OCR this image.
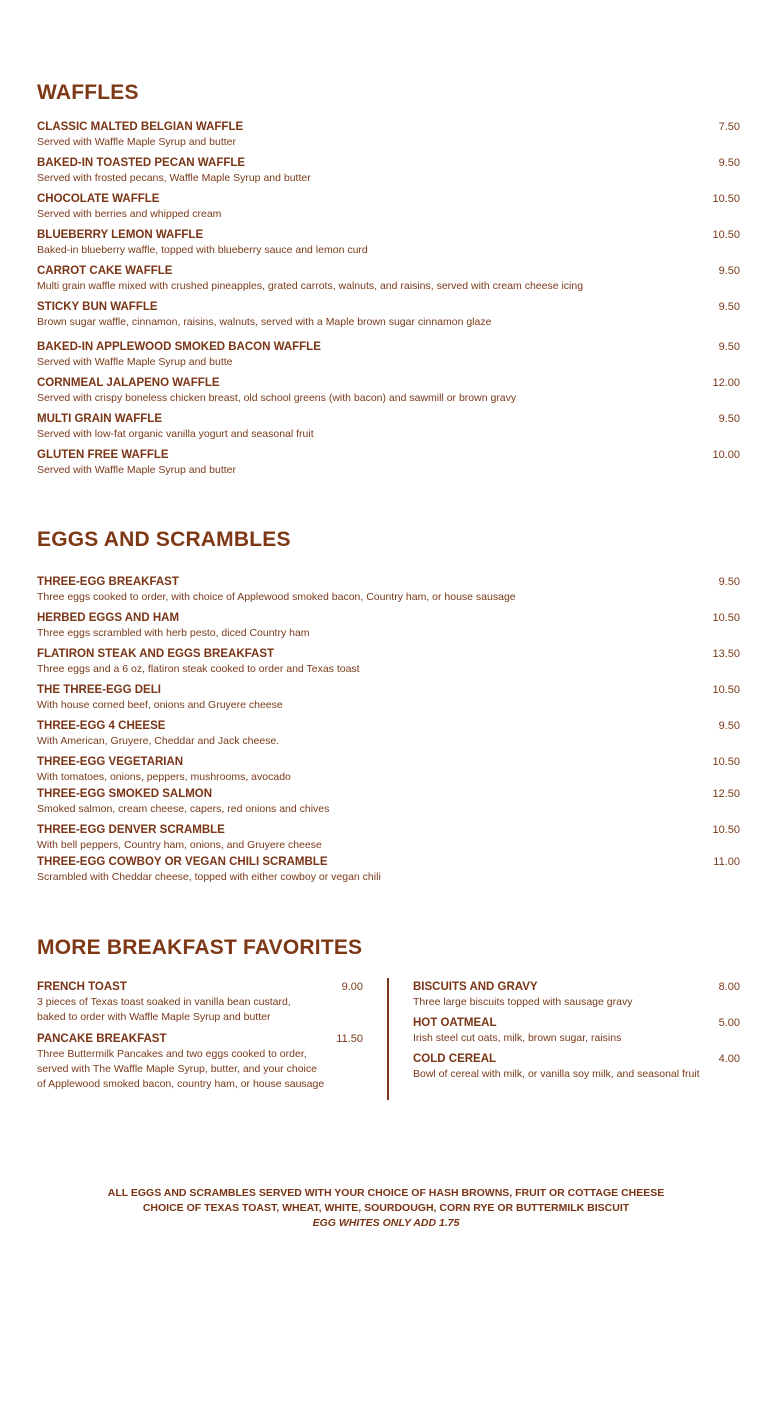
WAFFLES
CLASSIC MALTED BELGIAN WAFFLE
Served with Waffle Maple Syrup and butter
7.50
BAKED-IN TOASTED PECAN WAFFLE
Served with frosted pecans, Waffle Maple Syrup and butter
9.50
CHOCOLATE WAFFLE
Served with berries and whipped cream
10.50
BLUEBERRY LEMON WAFFLE
Baked-in blueberry waffle, topped with blueberry sauce and lemon curd
10.50
CARROT CAKE WAFFLE
Multi grain waffle mixed with crushed pineapples, grated carrots, walnuts, and raisins, served with cream cheese icing
9.50
STICKY BUN WAFFLE
Brown sugar waffle, cinnamon, raisins, walnuts, served with a Maple brown sugar cinnamon glaze
9.50
BAKED-IN APPLEWOOD SMOKED BACON WAFFLE
Served with Waffle Maple Syrup and butte
9.50
CORNMEAL JALAPENO WAFFLE
Served with crispy boneless chicken breast, old school greens (with bacon) and sawmill or brown gravy
12.00
MULTI GRAIN WAFFLE
Served with low-fat organic vanilla yogurt and seasonal fruit
9.50
GLUTEN FREE WAFFLE
Served with Waffle Maple Syrup and butter
10.00
EGGS AND SCRAMBLES
THREE-EGG BREAKFAST
Three eggs cooked to order, with choice of Applewood smoked bacon, Country ham, or house sausage
9.50
HERBED EGGS AND HAM
Three eggs scrambled with herb pesto, diced Country ham
10.50
FLATIRON STEAK AND EGGS BREAKFAST
Three eggs and a 6 oz, flatiron steak cooked to order and Texas toast
13.50
THE THREE-EGG DELI
With house corned beef, onions and Gruyere cheese
10.50
THREE-EGG 4 CHEESE
With American, Gruyere, Cheddar and Jack cheese.
9.50
THREE-EGG VEGETARIAN
With tomatoes, onions, peppers, mushrooms, avocado
10.50
THREE-EGG SMOKED SALMON
Smoked salmon, cream cheese, capers, red onions and chives
12.50
THREE-EGG DENVER SCRAMBLE
With bell peppers, Country ham, onions, and Gruyere cheese
10.50
THREE-EGG COWBOY OR VEGAN CHILI SCRAMBLE
Scrambled with Cheddar cheese, topped with either cowboy or vegan chili
11.00
MORE BREAKFAST FAVORITES
FRENCH TOAST
3 pieces of Texas toast soaked in vanilla bean custard,
baked to order with Waffle Maple Syrup and butter
9.00
PANCAKE BREAKFAST
Three Buttermilk Pancakes and two eggs cooked to order,
served with The Waffle Maple Syrup, butter, and your choice
of Applewood smoked bacon, country ham, or house sausage
11.50
BISCUITS AND GRAVY
Three large biscuits topped with sausage gravy
8.00
HOT OATMEAL
Irish steel cut oats, milk, brown sugar, raisins
5.00
COLD CEREAL
Bowl of cereal with milk, or vanilla soy milk, and seasonal fruit
4.00
ALL EGGS AND SCRAMBLES SERVED WITH YOUR CHOICE OF HASH BROWNS, FRUIT OR COTTAGE CHEESE
CHOICE OF TEXAS TOAST, WHEAT, WHITE, SOURDOUGH, CORN RYE OR BUTTERMILK BISCUIT
EGG WHITES ONLY ADD 1.75
